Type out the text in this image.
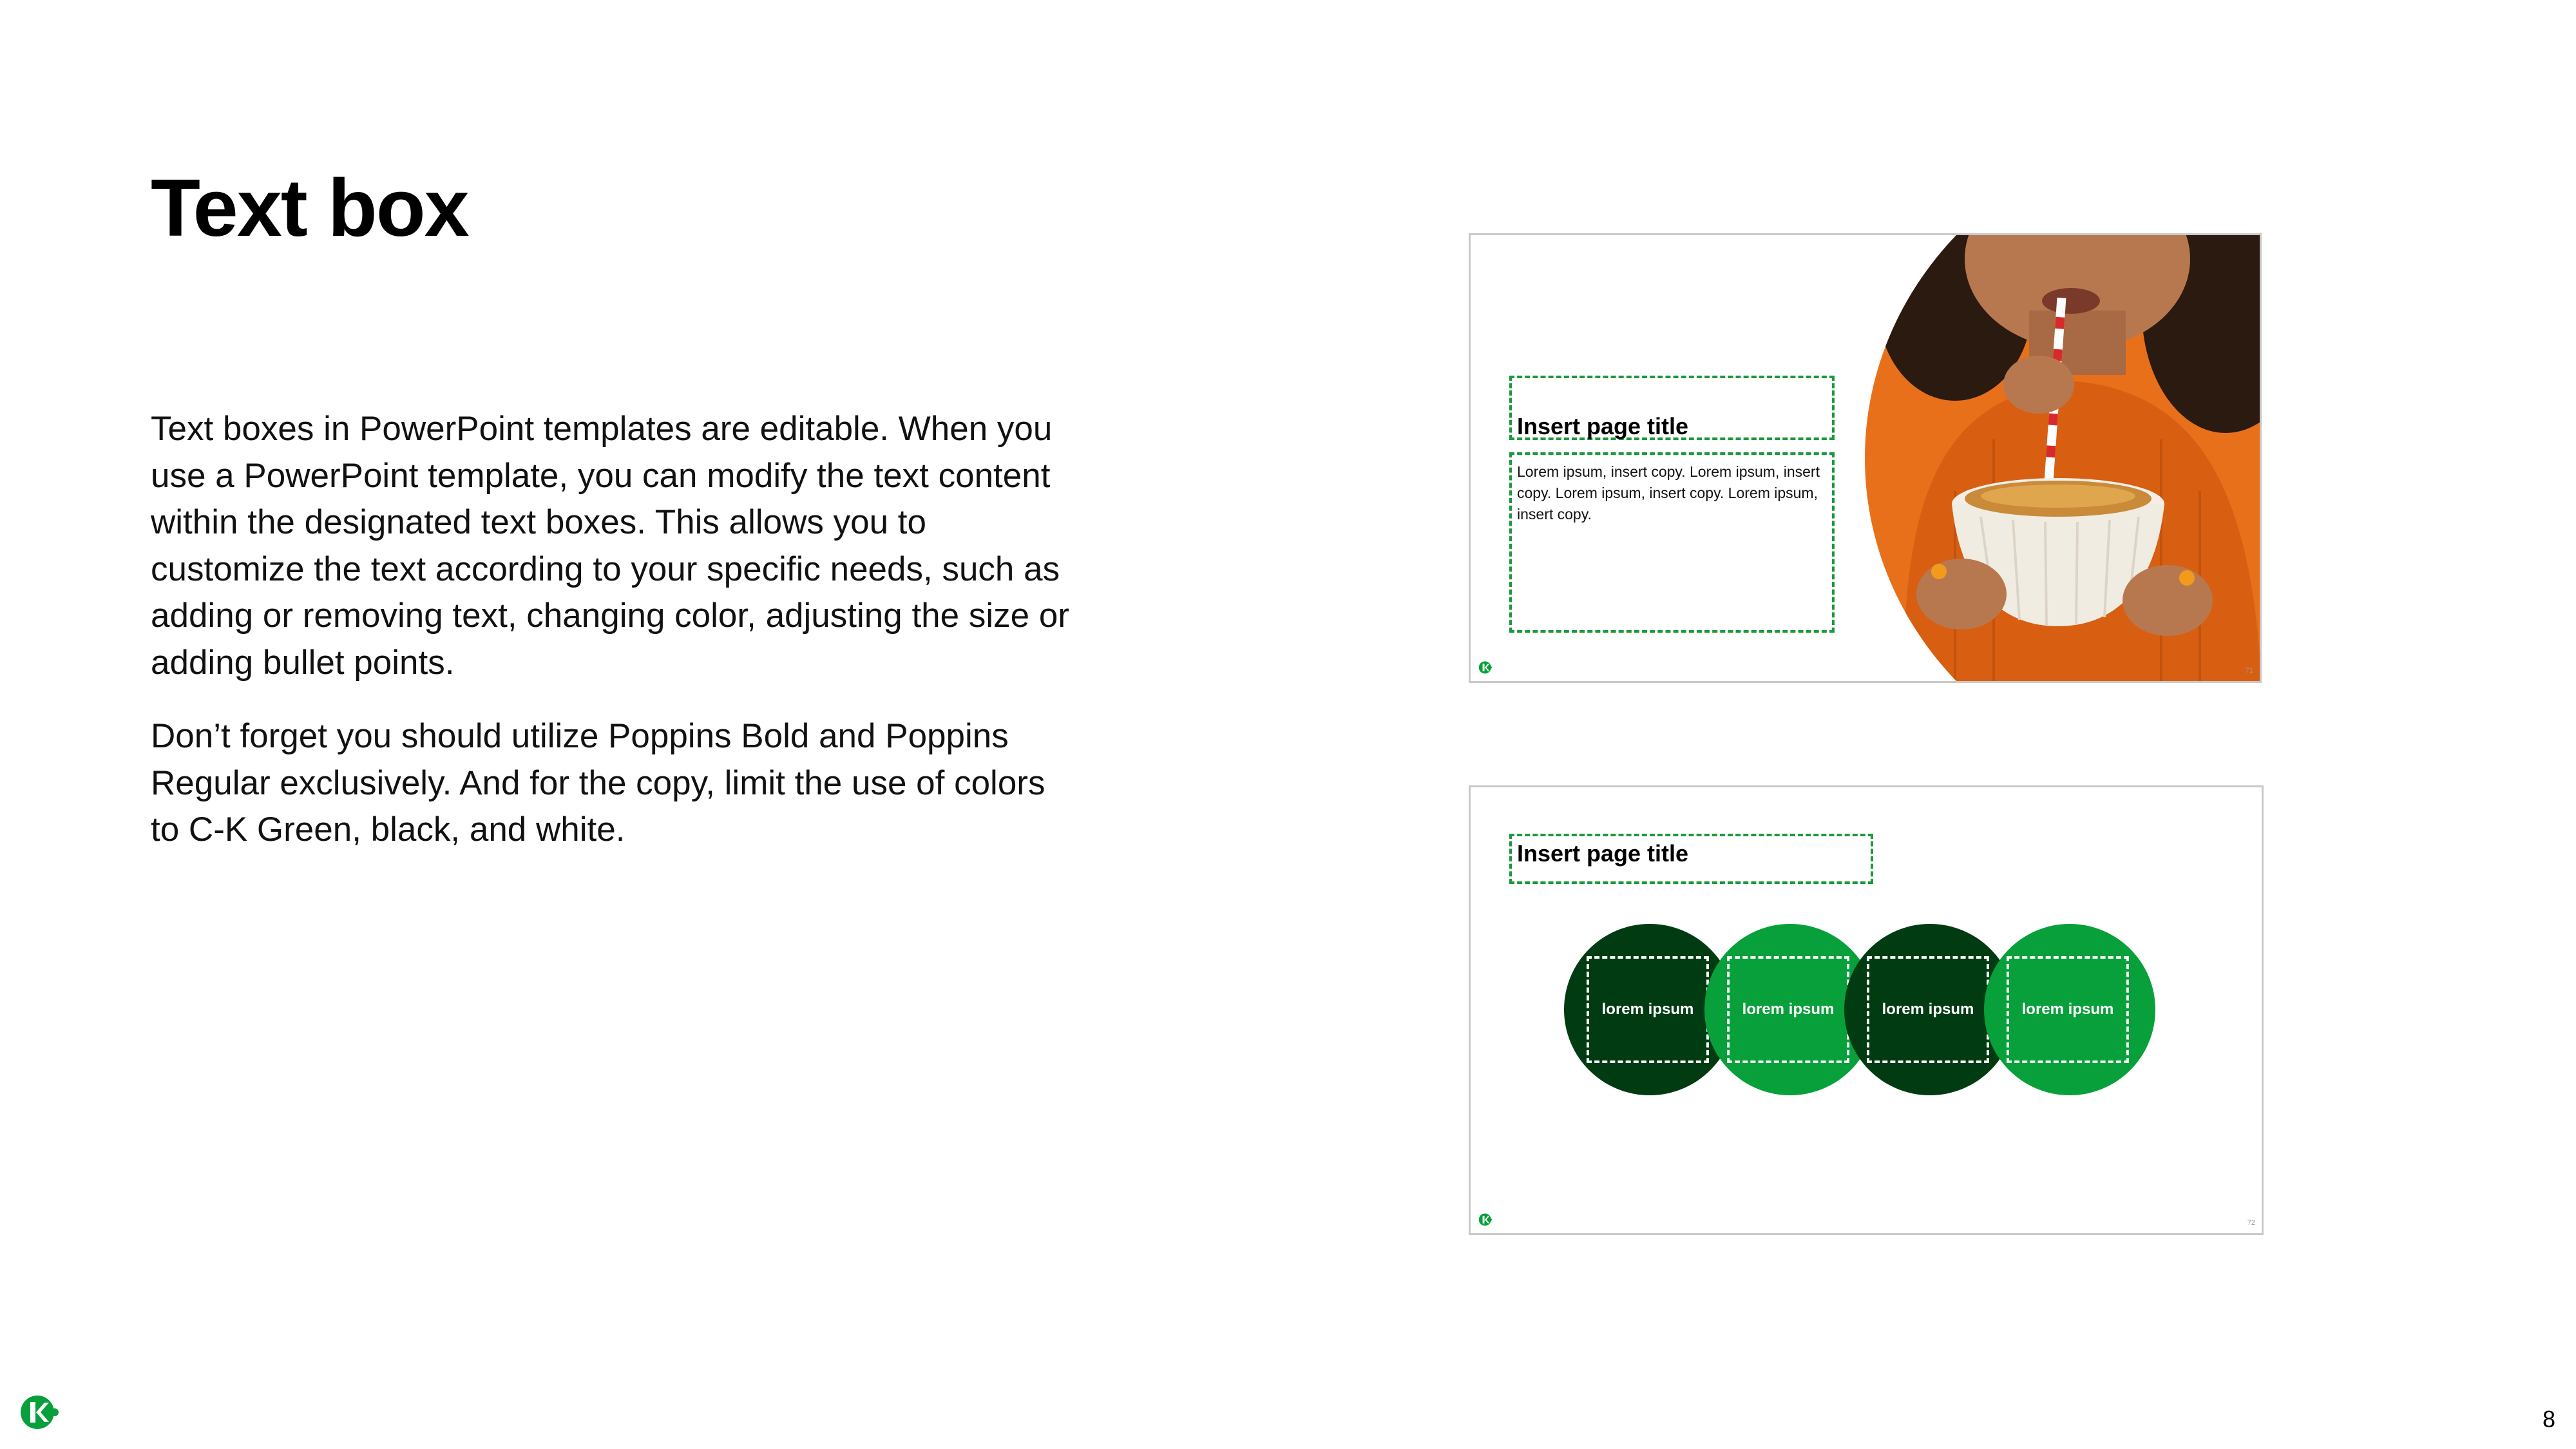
Text box

Text boxes in PowerPoint templates are editable. When you use a PowerPoint template, you can modify the text content within the designated text boxes. This allows you to customize the text according to your specific needs, such as adding or removing text, changing color, adjusting the size or adding bullet points.

Don’t forget you should utilize Poppins Bold and Poppins Regular exclusively. And for the copy, limit the use of colors to C-K Green, black, and white.

Insert page title
Lorem ipsum, insert copy. Lorem ipsum, insert copy. Lorem ipsum, insert copy. Lorem ipsum, insert copy.
71
Insert page title
lorem ipsum	lorem ipsum	lorem ipsum	lorem ipsum
72
8
